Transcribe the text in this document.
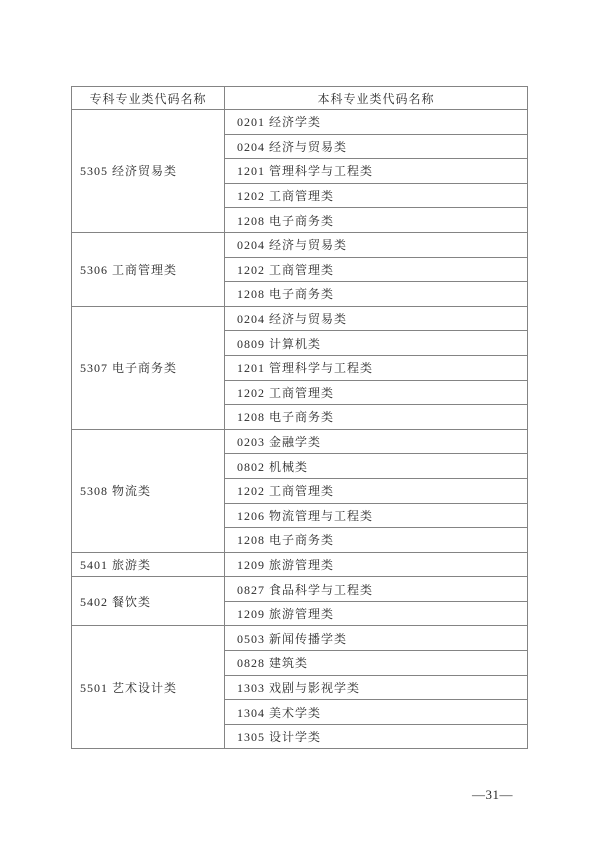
专科专业类代码名称	本科专业类代码名称
5305 经济贸易类	0201 经济学类
	0204 经济与贸易类
	1201 管理科学与工程类
	1202 工商管理类
	1208 电子商务类
5306 工商管理类	0204 经济与贸易类
	1202 工商管理类
	1208 电子商务类
5307 电子商务类	0204 经济与贸易类
	0809 计算机类
	1201 管理科学与工程类
	1202 工商管理类
	1208 电子商务类
5308 物流类	0203 金融学类
	0802 机械类
	1202 工商管理类
	1206 物流管理与工程类
	1208 电子商务类
5401 旅游类	1209 旅游管理类
5402 餐饮类	0827 食品科学与工程类
	1209 旅游管理类
5501 艺术设计类	0503 新闻传播学类
	0828 建筑类
	1303 戏剧与影视学类
	1304 美术学类
	1305 设计学类
—31—
